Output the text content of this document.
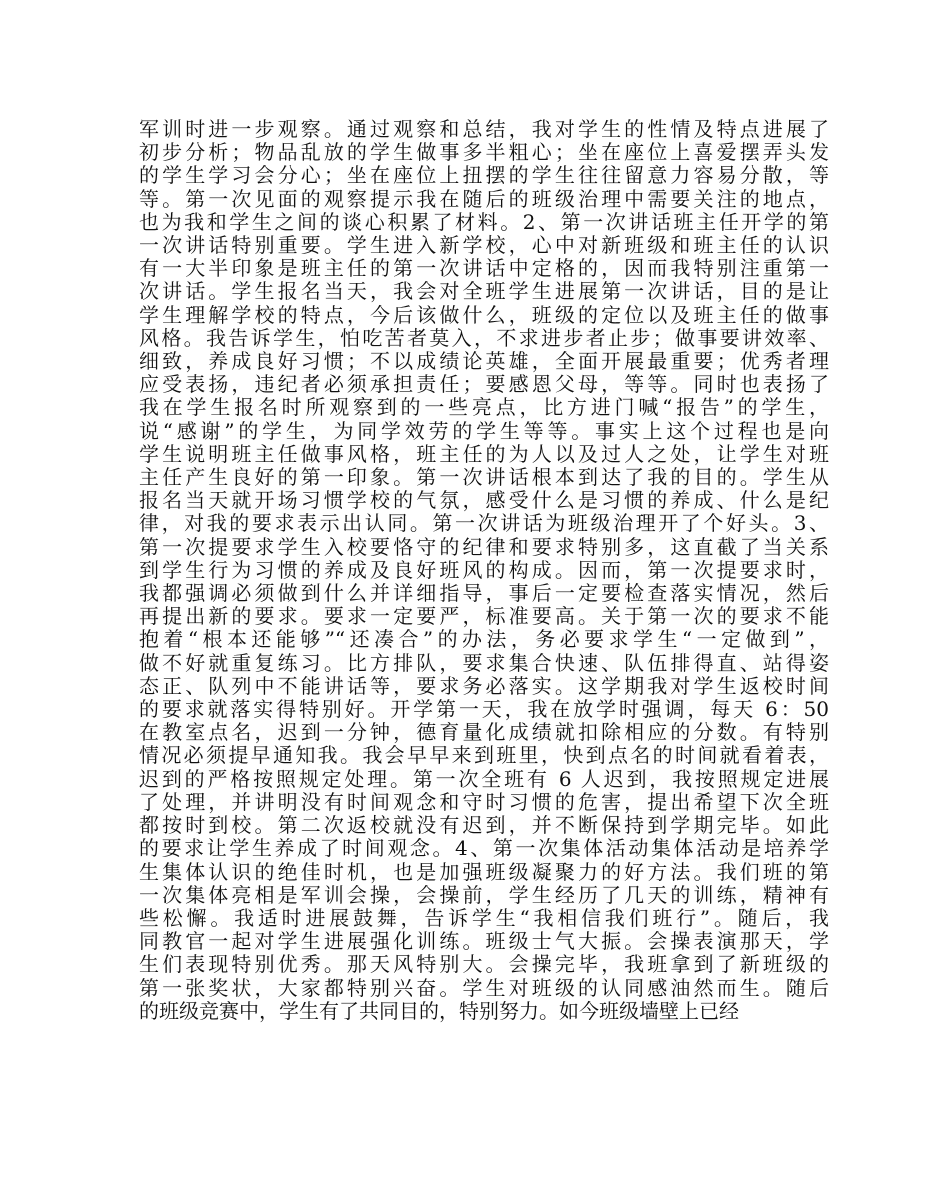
军训时进一步观察。通过观察和总结，我对学生的性情及特点进展了
初步分析；物品乱放的学生做事多半粗心；坐在座位上喜爱摆弄头发
的学生学习会分心；坐在座位上扭摆的学生往往留意力容易分散，等
等。第一次见面的观察提示我在随后的班级治理中需要关注的地点，
也为我和学生之间的谈心积累了材料。2、第一次讲话班主任开学的第
一次讲话特别重要。学生进入新学校，心中对新班级和班主任的认识
有一大半印象是班主任的第一次讲话中定格的，因而我特别注重第一
次讲话。学生报名当天，我会对全班学生进展第一次讲话，目的是让
学生理解学校的特点，今后该做什么，班级的定位以及班主任的做事
风格。我告诉学生，怕吃苦者莫入，不求进步者止步；做事要讲效率、
细致，养成良好习惯；不以成绩论英雄，全面开展最重要；优秀者理
应受表扬，违纪者必须承担责任；要感恩父母，等等。同时也表扬了
我在学生报名时所观察到的一些亮点，比方进门喊“报告”的学生，
说“感谢”的学生，为同学效劳的学生等等。事实上这个过程也是向
学生说明班主任做事风格，班主任的为人以及过人之处，让学生对班
主任产生良好的第一印象。第一次讲话根本到达了我的目的。学生从
报名当天就开场习惯学校的气氛，感受什么是习惯的养成、什么是纪
律，对我的要求表示出认同。第一次讲话为班级治理开了个好头。3、
第一次提要求学生入校要恪守的纪律和要求特别多，这直截了当关系
到学生行为习惯的养成及良好班风的构成。因而，第一次提要求时，
我都强调必须做到什么并详细指导，事后一定要检查落实情况，然后
再提出新的要求。要求一定要严，标准要高。关于第一次的要求不能
抱着“根本还能够”“还凑合”的办法，务必要求学生“一定做到”，
做不好就重复练习。比方排队，要求集合快速、队伍排得直、站得姿
态正、队列中不能讲话等，要求务必落实。这学期我对学生返校时间
的要求就落实得特别好。开学第一天，我在放学时强调，每天 6：50
在教室点名，迟到一分钟，德育量化成绩就扣除相应的分数。有特别
情况必须提早通知我。我会早早来到班里，快到点名的时间就看着表，
迟到的严格按照规定处理。第一次全班有 6 人迟到，我按照规定进展
了处理，并讲明没有时间观念和守时习惯的危害，提出希望下次全班
都按时到校。第二次返校就没有迟到，并不断保持到学期完毕。如此
的要求让学生养成了时间观念。4、第一次集体活动集体活动是培养学
生集体认识的绝佳时机，也是加强班级凝聚力的好方法。我们班的第
一次集体亮相是军训会操，会操前，学生经历了几天的训练，精神有
些松懈。我适时进展鼓舞，告诉学生“我相信我们班行”。随后，我
同教官一起对学生进展强化训练。班级士气大振。会操表演那天，学
生们表现特别优秀。那天风特别大。会操完毕，我班拿到了新班级的
第一张奖状，大家都特别兴奋。学生对班级的认同感油然而生。随后
的班级竞赛中，学生有了共同目的，特别努力。如今班级墙壁上已经
